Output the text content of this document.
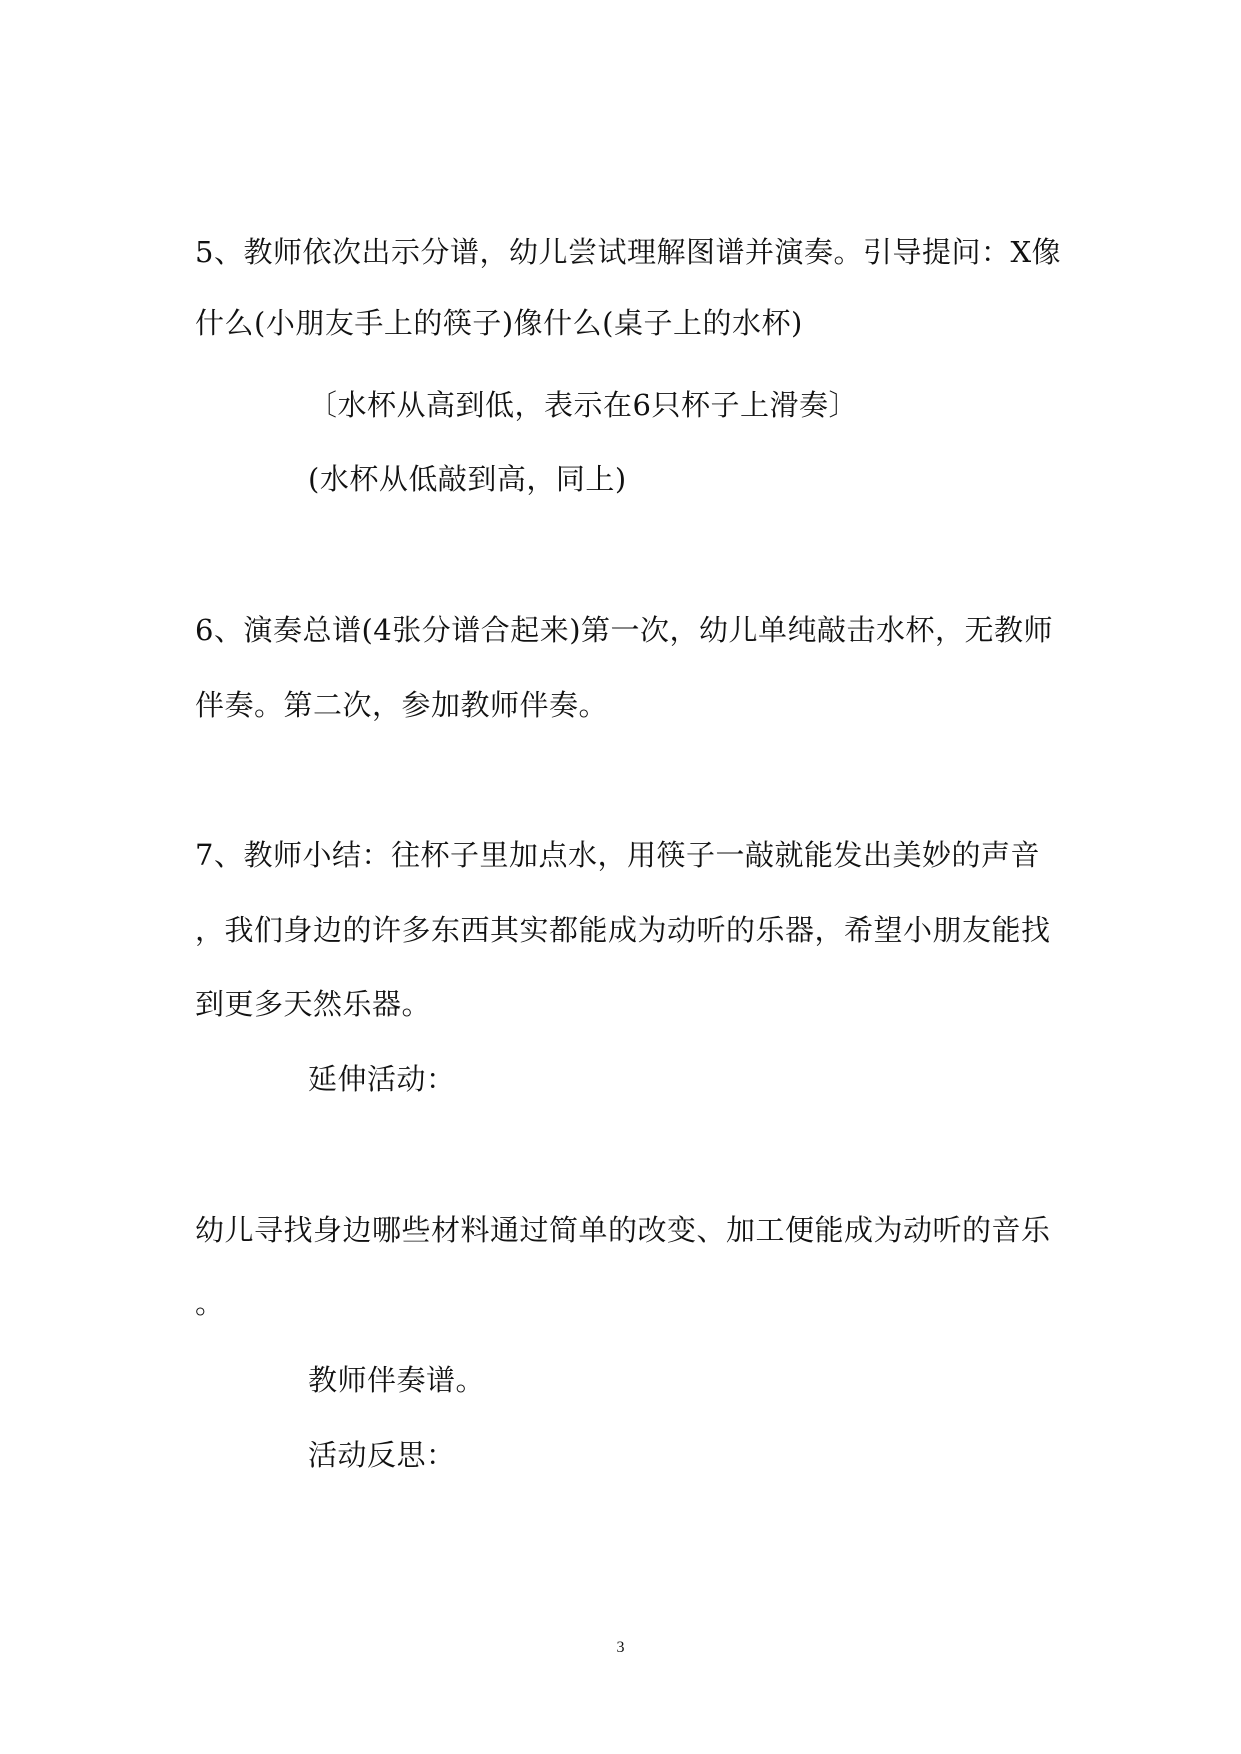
5、教师依次出示分谱，幼儿尝试理解图谱并演奏。引导提问：X像
什么(小朋友手上的筷子)像什么(桌子上的水杯)
〔水杯从高到低，表示在6只杯子上滑奏〕
(水杯从低敲到高，同上)
6、演奏总谱(4张分谱合起来)第一次，幼儿单纯敲击水杯，无教师
伴奏。第二次，参加教师伴奏。
7、教师小结：往杯子里加点水，用筷子一敲就能发出美妙的声音
，我们身边的许多东西其实都能成为动听的乐器，希望小朋友能找
到更多天然乐器。
延伸活动：
幼儿寻找身边哪些材料通过简单的改变、加工便能成为动听的音乐
。
教师伴奏谱。
活动反思：
3
